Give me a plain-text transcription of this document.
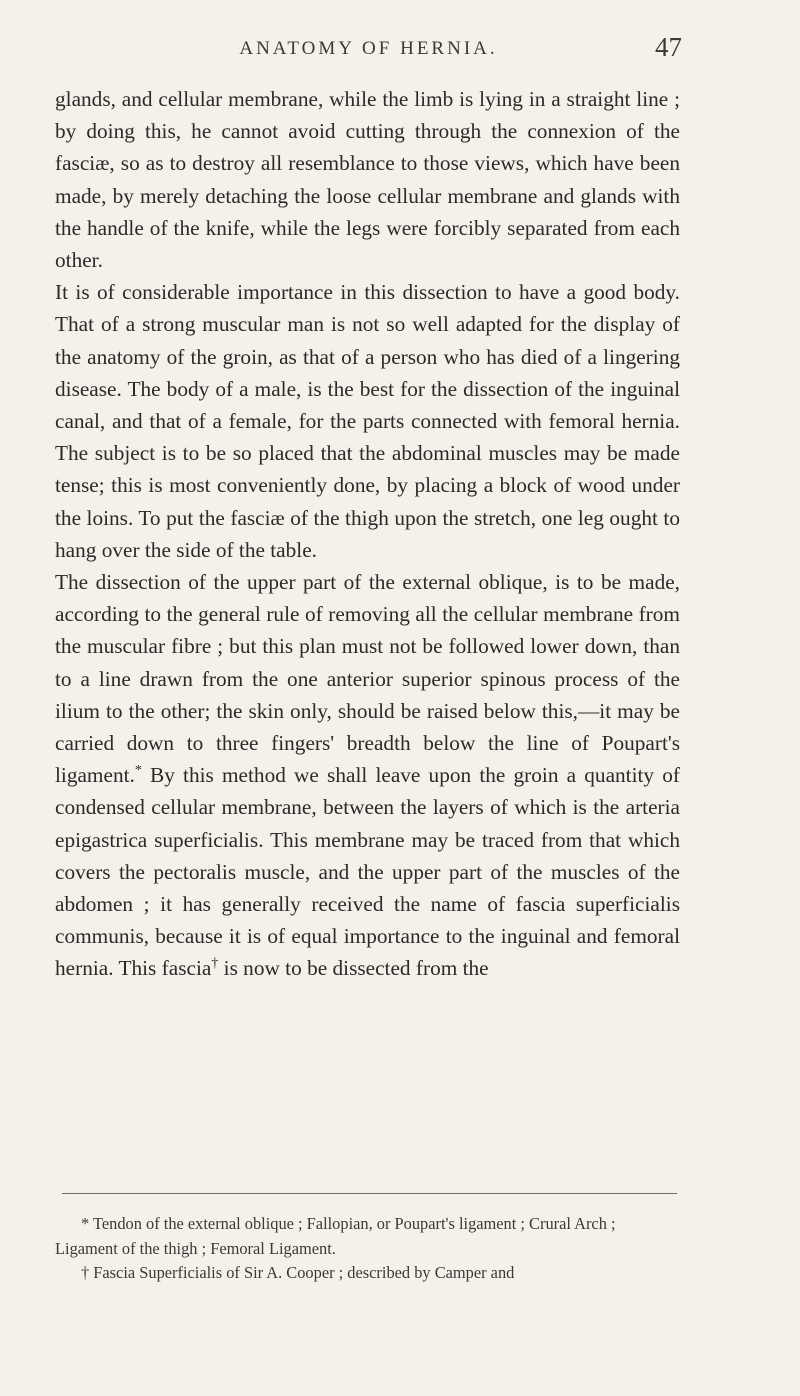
ANATOMY OF HERNIA.	47

glands, and cellular membrane, while the limb is lying in a straight line ; by doing this, he cannot avoid cutting through the connexion of the fasciæ, so as to destroy all resemblance to those views, which have been made, by merely detaching the loose cellular membrane and glands with the handle of the knife, while the legs were forcibly separated from each other.

It is of considerable importance in this dissection to have a good body. That of a strong muscular man is not so well adapted for the display of the anatomy of the groin, as that of a person who has died of a lingering disease. The body of a male, is the best for the dissection of the inguinal canal, and that of a female, for the parts connected with femoral hernia. The subject is to be so placed that the abdominal muscles may be made tense; this is most conveniently done, by placing a block of wood under the loins. To put the fasciæ of the thigh upon the stretch, one leg ought to hang over the side of the table.

The dissection of the upper part of the external oblique, is to be made, according to the general rule of removing all the cellular membrane from the muscular fibre ; but this plan must not be followed lower down, than to a line drawn from the one anterior superior spinous process of the ilium to the other; the skin only, should be raised below this,—it may be carried down to three fingers' breadth below the line of Poupart's ligament.* By this method we shall leave upon the groin a quantity of condensed cellular membrane, between the layers of which is the arteria epigastrica superficialis. This membrane may be traced from that which covers the pectoralis muscle, and the upper part of the muscles of the abdomen ; it has generally received the name of fascia superficialis communis, because it is of equal importance to the inguinal and femoral hernia. This fascia† is now to be dissected from the

* Tendon of the external oblique ; Fallopian, or Poupart's ligament ; Crural Arch ; Ligament of the thigh ; Femoral Ligament.

† Fascia Superficialis of Sir A. Cooper ; described by Camper and
